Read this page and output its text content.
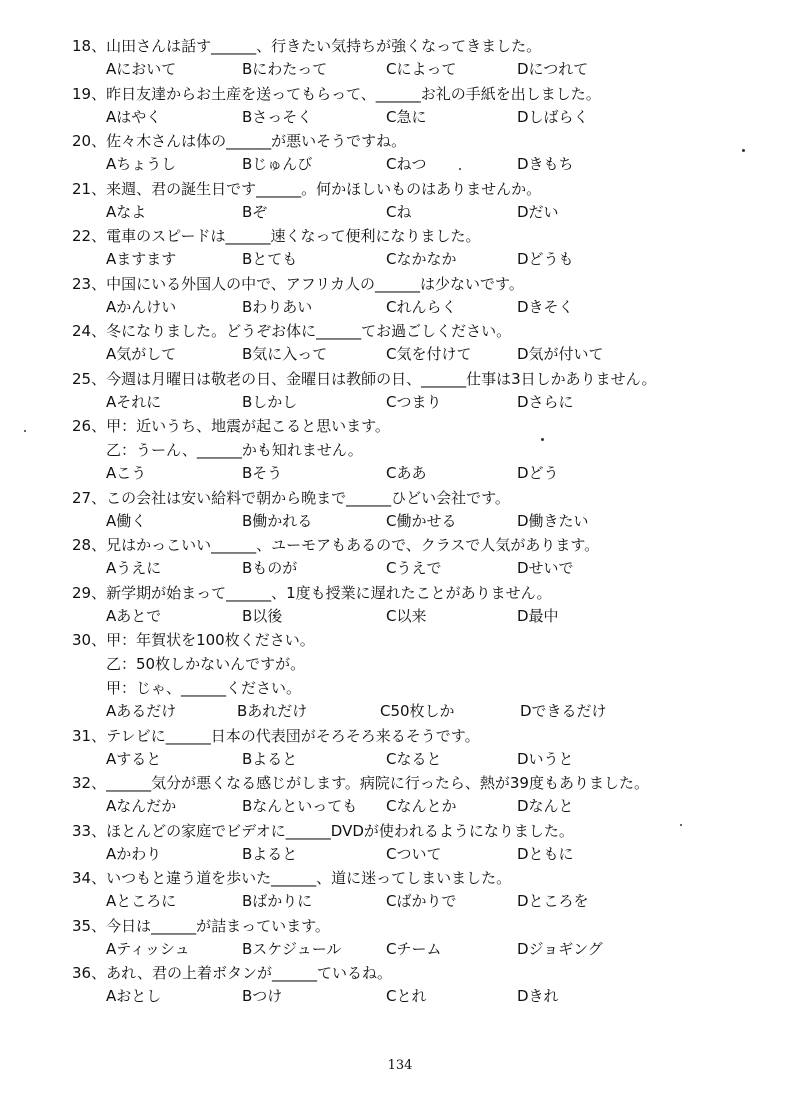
18、山田さんは話す______、行きたい気持ちが強くなってきました。
Aにおいて	Bにわたって	Cによって	Dにつれて
19、昨日友達からお土産を送ってもらって、______お礼の手紙を出しました。
Aはやく	Bさっそく	C急に	Dしばらく
20、佐々木さんは体の______が悪いそうですね。
Aちょうし	Bじゅんび	Cねつ	Dきもち
21、来週、君の誕生日です______。何かほしいものはありませんか。
Aなよ	Bぞ	Cね	Dだい
22、電車のスピードは______速くなって便利になりました。
Aますます	Bとても	Cなかなか	Dどうも
23、中国にいる外国人の中で、アフリカ人の______は少ないです。
Aかんけい	Bわりあい	Cれんらく	Dきそく
24、冬になりました。どうぞお体に______てお過ごしください。
A気がして	B気に入って	C気を付けて	D気が付いて
25、今週は月曜日は敬老の日、金曜日は教師の日、______仕事は3日しかありません。
Aそれに	Bしかし	Cつまり	Dさらに
26、甲：近いうち、地震が起こると思います。
乙：うーん、______かも知れません。
Aこう	Bそう	Cああ	Dどう
27、この会社は安い給料で朝から晩まで______ひどい会社です。
A働く	B働かれる	C働かせる	D働きたい
28、兄はかっこいい______、ユーモアもあるので、クラスで人気があります。
Aうえに	Bものが	Cうえで	Dせいで
29、新学期が始まって______、1度も授業に遅れたことがありません。
Aあとで	B以後	C以来	D最中
30、甲：年賀状を100枚ください。
乙：50枚しかないんですが。
甲：じゃ、______ください。
Aあるだけ	Bあれだけ	C50枚しか	Dできるだけ
31、テレビに______日本の代表団がそろそろ来るそうです。
Aすると	Bよると	Cなると	Dいうと
32、______気分が悪くなる感じがします。病院に行ったら、熱が39度もありました。
Aなんだか	Bなんといっても Cなんとか	Dなんと
33、ほとんどの家庭でビデオに______DVDが使われるようになりました。
Aかわり	Bよると	Cついて	Dともに
34、いつもと違う道を歩いた______、道に迷ってしまいました。
Aところに	Bばかりに	Cばかりで	Dところを
35、今日は______が詰まっています。
Aティッシュ	Bスケジュール	Cチーム	Dジョギング
36、あれ、君の上着ボタンが______ているね。
Aおとし	Bつけ	Cとれ	Dきれ
134
